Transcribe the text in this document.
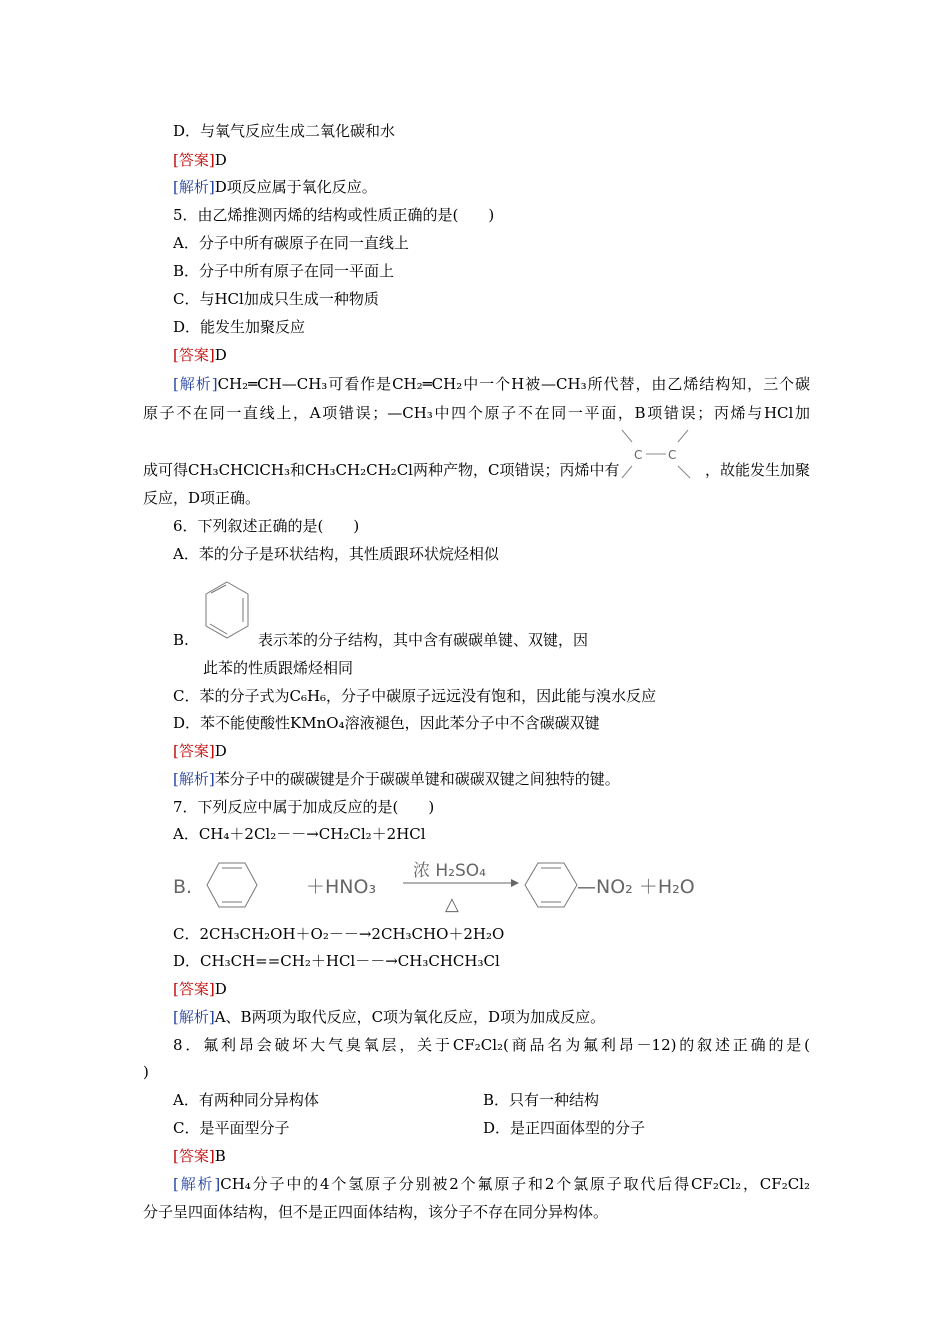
D．与氧气反应生成二氧化碳和水
[答案]D
[解析]D项反应属于氧化反应。
5．由乙烯推测丙烯的结构或性质正确的是(　　)
A．分子中所有碳原子在同一直线上
B．分子中所有原子在同一平面上
C．与HCl加成只生成一种物质
D．能发生加聚反应
[答案]D
[解析]CH₂═CH—CH₃可看作是CH₂═CH₂中一个H被—CH₃所代替，由乙烯结构知，三个碳
原子不在同一直线上，A项错误；—CH₃中四个原子不在同一平面，B项错误；丙烯与HCl加
成可得CH₃CHClCH₃和CH₃CH₂CH₂Cl两种产物，C项错误；丙烯中有
C C
，故能发生加聚
反应，D项正确。
6．下列叙述正确的是(　　)
A．苯的分子是环状结构，其性质跟环状烷烃相似
B.	表示苯的分子结构，其中含有碳碳单键、双键，因
此苯的性质跟烯烃相同
C．苯的分子式为C₆H₆，分子中碳原子远远没有饱和，因此能与溴水反应
D．苯不能使酸性KMnO₄溶液褪色，因此苯分子中不含碳碳双键
[答案]D
[解析]苯分子中的碳碳键是介于碳碳单键和碳碳双键之间独特的键。
7．下列反应中属于加成反应的是(　　)
A．CH₄＋2Cl₂－－→CH₂Cl₂＋2HCl
B.	＋HNO₃
浓 H₂SO₄
△
—NO₂ ＋H₂O
C．2CH₃CH₂OH＋O₂－－→2CH₃CHO＋2H₂O
D．CH₃CH==CH₂＋HCl－－→CH₃CHCH₃Cl
[答案]D
[解析]A、B两项为取代反应，C项为氧化反应，D项为加成反应。
8．氟利昂会破坏大气臭氧层，关于CF₂Cl₂(商品名为氟利昂－12)的叙述正确的是(
)
A．有两种同分异构体	B．只有一种结构
C．是平面型分子	D．是正四面体型的分子
[答案]B
[解析]CH₄分子中的4个氢原子分别被2个氟原子和2个氯原子取代后得CF₂Cl₂，CF₂Cl₂
分子呈四面体结构，但不是正四面体结构，该分子不存在同分异构体。
